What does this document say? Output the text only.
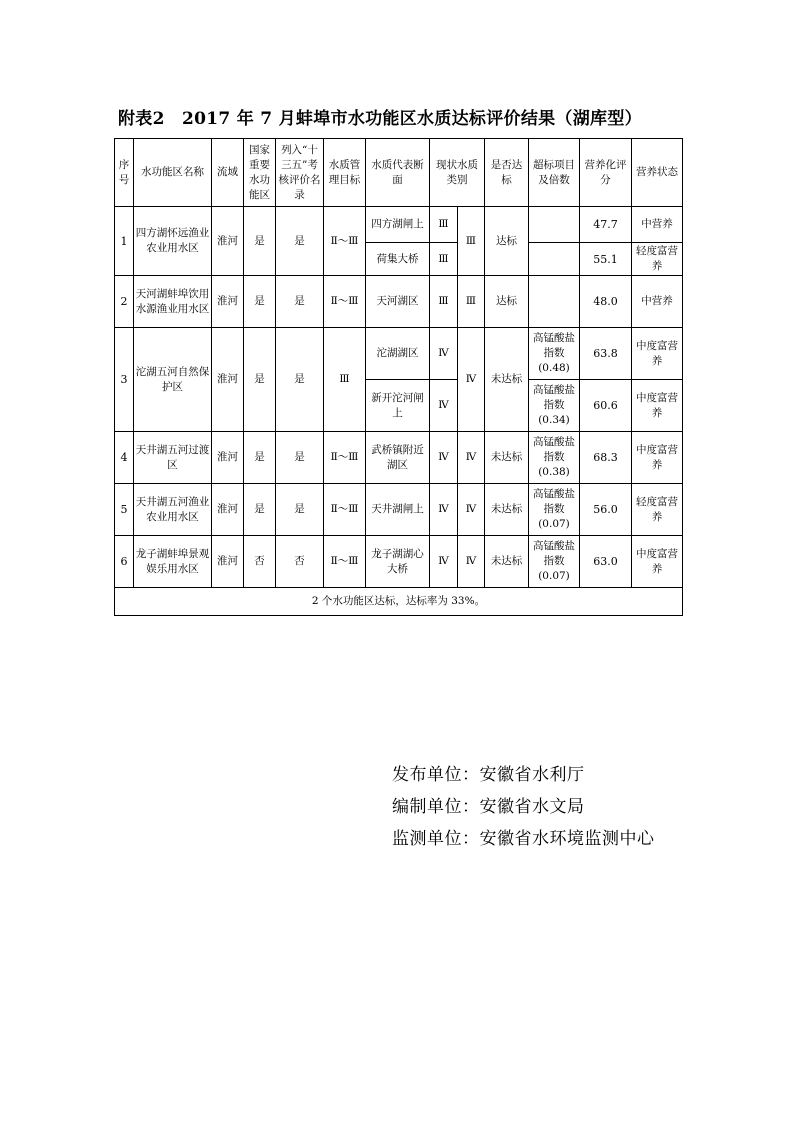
附表2　2017 年 7 月蚌埠市水功能区水质达标评价结果（湖库型）
序号	水功能区名称	流域	国家重要水功能区	列入“十三五”考核评价名录	水质管理目标	水质代表断面	现状水质类别		是否达标	超标项目及倍数	营养化评分	营养状态
1	四方湖怀远渔业农业用水区	淮河	是	是	Ⅱ～Ⅲ	四方湖闸上	Ⅲ	Ⅲ	达标		47.7	中营养
						荷集大桥	Ⅲ				55.1	轻度富营养
2	天河湖蚌埠饮用水源渔业用水区	淮河	是	是	Ⅱ～Ⅲ	天河湖区	Ⅲ	Ⅲ	达标		48.0	中营养
3	沱湖五河自然保护区	淮河	是	是	Ⅲ	沱湖湖区	Ⅳ	Ⅳ	未达标	高锰酸盐指数(0.48)	63.8	中度富营养
						新开沱河闸上	Ⅳ			高锰酸盐指数(0.34)	60.6	中度富营养
4	天井湖五河过渡区	淮河	是	是	Ⅱ～Ⅲ	武桥镇附近湖区	Ⅳ	Ⅳ	未达标	高锰酸盐指数(0.38)	68.3	中度富营养
5	天井湖五河渔业农业用水区	淮河	是	是	Ⅱ～Ⅲ	天井湖闸上	Ⅳ	Ⅳ	未达标	高锰酸盐指数(0.07)	56.0	轻度富营养
6	龙子湖蚌埠景观娱乐用水区	淮河	否	否	Ⅱ～Ⅲ	龙子湖湖心大桥	Ⅳ	Ⅳ	未达标	高锰酸盐指数(0.07)	63.0	中度富营养
2 个水功能区达标，达标率为 33%。												
发布单位：安徽省水利厅
编制单位：安徽省水文局
监测单位：安徽省水环境监测中心
